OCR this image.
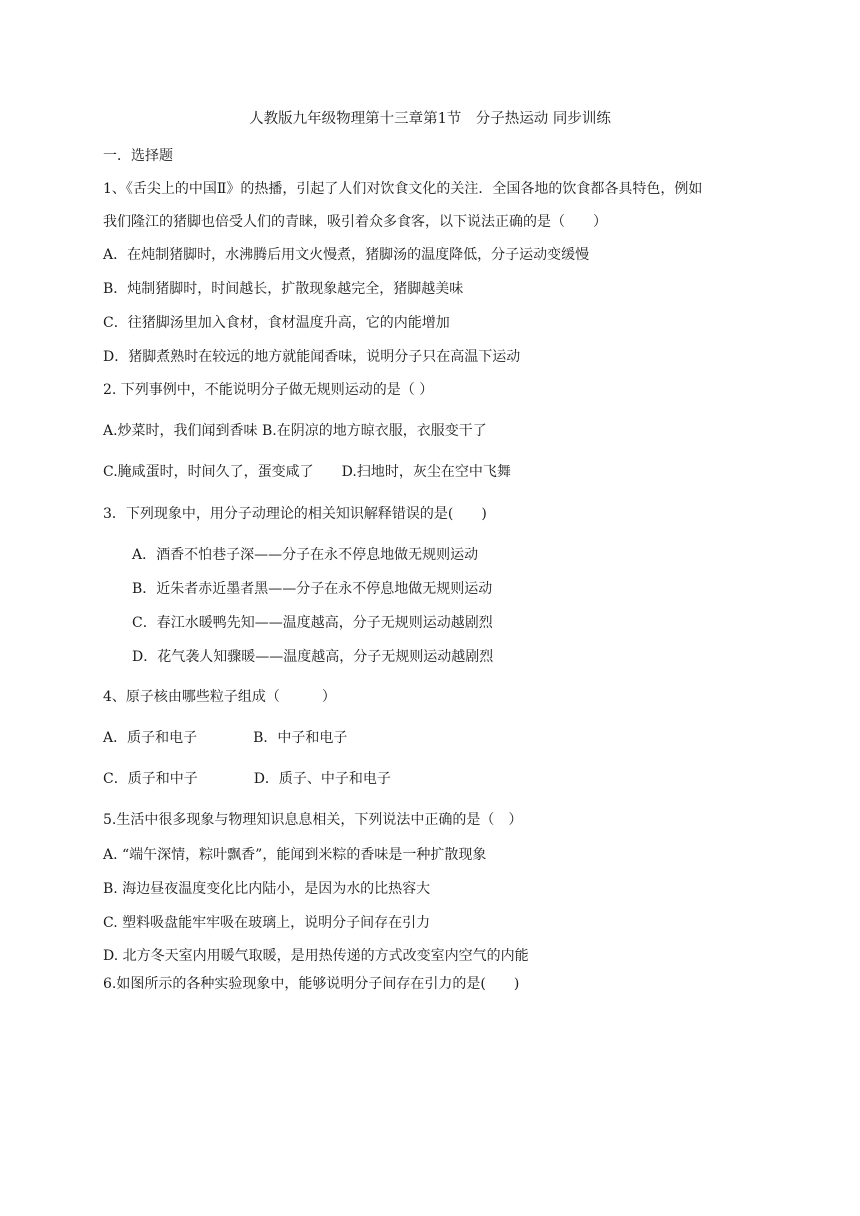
人教版九年级物理第十三章第1节　分子热运动 同步训练
一．选择题
1、《舌尖上的中国Ⅱ》的热播，引起了人们对饮食文化的关注．全国各地的饮食都各具特色，例如
我们隆江的猪脚也倍受人们的青睐，吸引着众多食客，以下说法正确的是（　　）
A．在炖制猪脚时，水沸腾后用文火慢煮，猪脚汤的温度降低，分子运动变缓慢
B．炖制猪脚时，时间越长，扩散现象越完全，猪脚越美味
C．往猪脚汤里加入食材，食材温度升高，它的内能增加
D．猪脚煮熟时在较远的地方就能闻香味，说明分子只在高温下运动
2. 下列事例中，不能说明分子做无规则运动的是（ ）
A.炒菜时，我们闻到香味 B.在阴凉的地方晾衣服，衣服变干了
C.腌咸蛋时，时间久了，蛋变咸了　　D.扫地时，灰尘在空中飞舞
3．下列现象中，用分子动理论的相关知识解释错误的是(　　)
A．酒香不怕巷子深——分子在永不停息地做无规则运动
B．近朱者赤近墨者黑——分子在永不停息地做无规则运动
C．春江水暖鸭先知——温度越高，分子无规则运动越剧烈
D．花气袭人知骤暖——温度越高，分子无规则运动越剧烈
4、原子核由哪些粒子组成（　　　）
A．质子和电子　　　　B．中子和电子
C．质子和中子　　　　D．质子、中子和电子
5.生活中很多现象与物理知识息息相关，下列说法中正确的是（　）
A. “端午深情，粽叶飘香”，能闻到米粽的香味是一种扩散现象
B. 海边昼夜温度变化比内陆小，是因为水的比热容大
C. 塑料吸盘能牢牢吸在玻璃上，说明分子间存在引力
D. 北方冬天室内用暖气取暖，是用热传递的方式改变室内空气的内能
6.如图所示的各种实验现象中，能够说明分子间存在引力的是(　　)
